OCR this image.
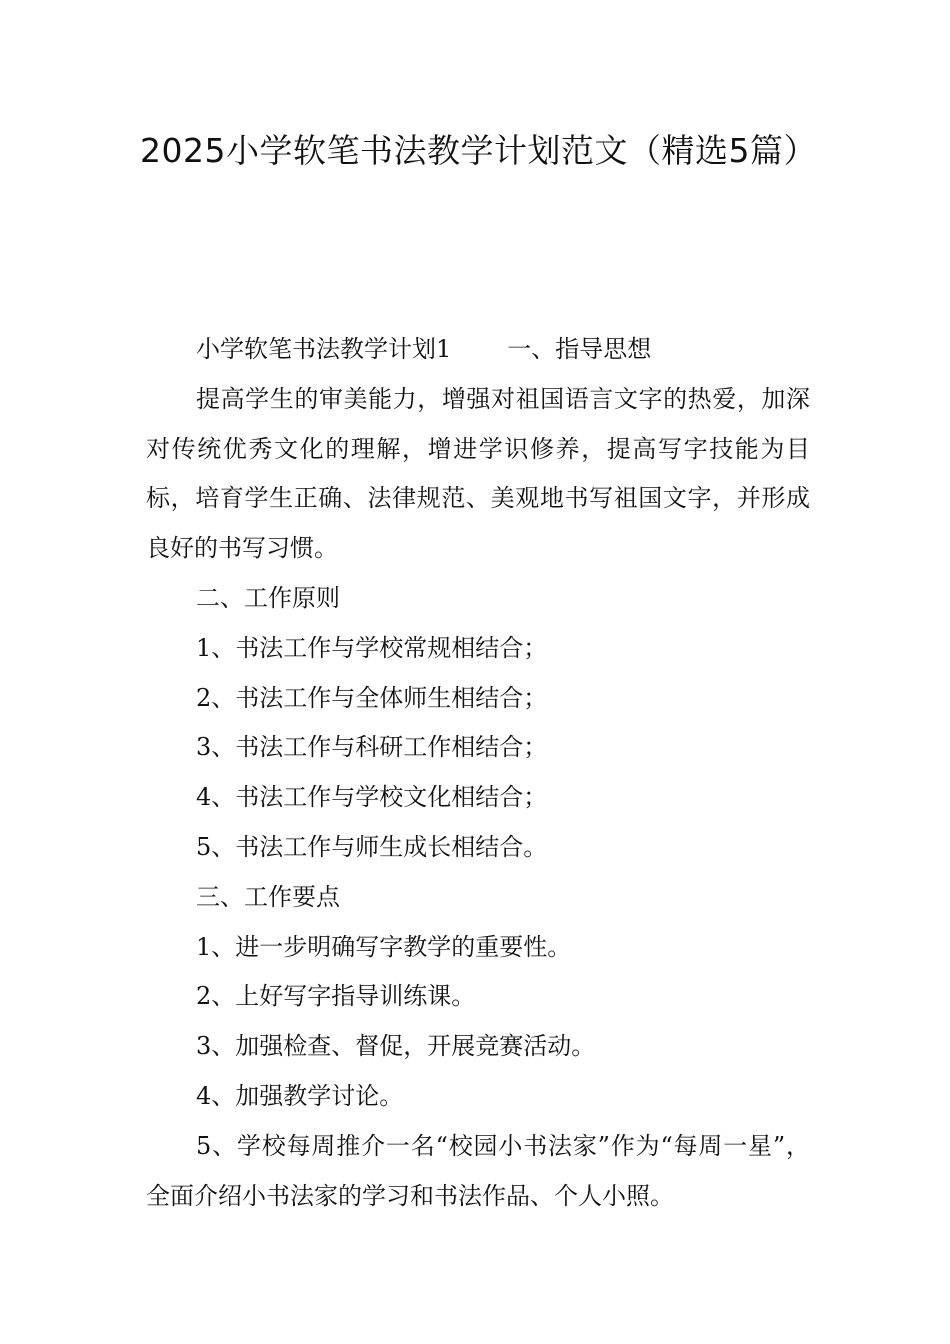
2025小学软笔书法教学计划范文（精选5篇）

小学软笔书法教学计划1 一、指导思想

提高学生的审美能力，增强对祖国语言文字的热爱，加深对传统优秀文化的理解，增进学识修养，提高写字技能为目标，培育学生正确、法律规范、美观地书写祖国文字，并形成良好的书写习惯。

二、工作原则

1、书法工作与学校常规相结合；

2、书法工作与全体师生相结合；

3、书法工作与科研工作相结合；

4、书法工作与学校文化相结合；

5、书法工作与师生成长相结合。

三、工作要点

1、进一步明确写字教学的重要性。

2、上好写字指导训练课。

3、加强检查、督促，开展竞赛活动。

4、加强教学讨论。

5、学校每周推介一名“校园小书法家”作为“每周一星”，全面介绍小书法家的学习和书法作品、个人小照。
